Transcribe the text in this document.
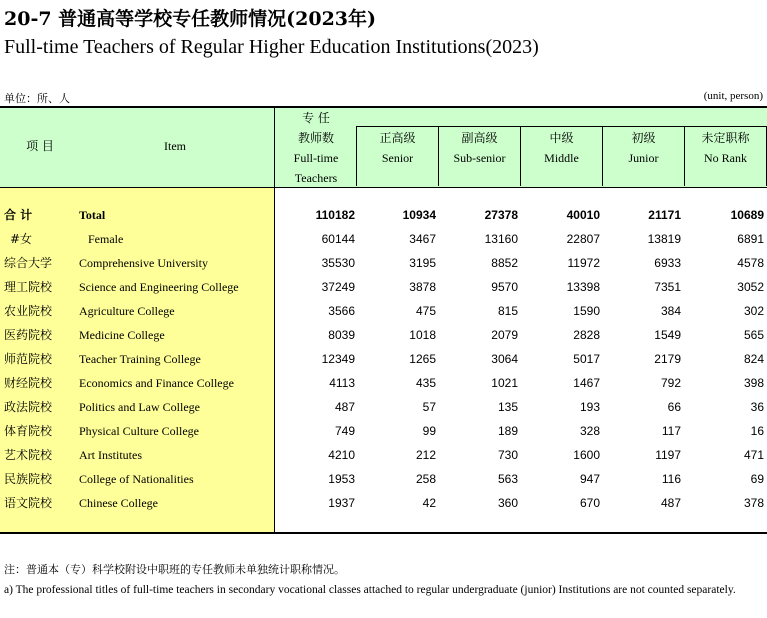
20-7 普通高等学校专任教师情况(2023年)
Full-time Teachers of Regular Higher Education Institutions(2023)
单位：所、人	(unit, person)
项 目	Item
专 任
教师数
Full-time
Teachers
正高级
Senior
副高级
Sub-senior
中级
Middle
初级
Junior
未定职称
No Rank
合 计	Total	110182	10934	27378	40010	21171	10689
#女	Female	60144	3467	13160	22807	13819	6891
综合大学 Comprehensive University	35530	3195	8852	11972	6933	4578
理工院校 Science and Engineering College	37249	3878	9570	13398	7351	3052
农业院校 Agriculture College	3566	475	815	1590	384	302
医药院校 Medicine College	8039	1018	2079	2828	1549	565
师范院校 Teacher Training College	12349	1265	3064	5017	2179	824
财经院校 Economics and Finance College	4113	435	1021	1467	792	398
政法院校 Politics and Law College	487	57	135	193	66	36
体育院校 Physical Culture College	749	99	189	328	117	16
艺术院校 Art Institutes	4210	212	730	1600	1197	471
民族院校 College of Nationalities	1953	258	563	947	116	69
语文院校 Chinese College	1937	42	360	670	487	378
注：普通本（专）科学校附设中职班的专任教师未单独统计职称情况。
a) The professional titles of full-time teachers in secondary vocational classes attached to regular undergraduate (junior) Institutions are not counted separately.
